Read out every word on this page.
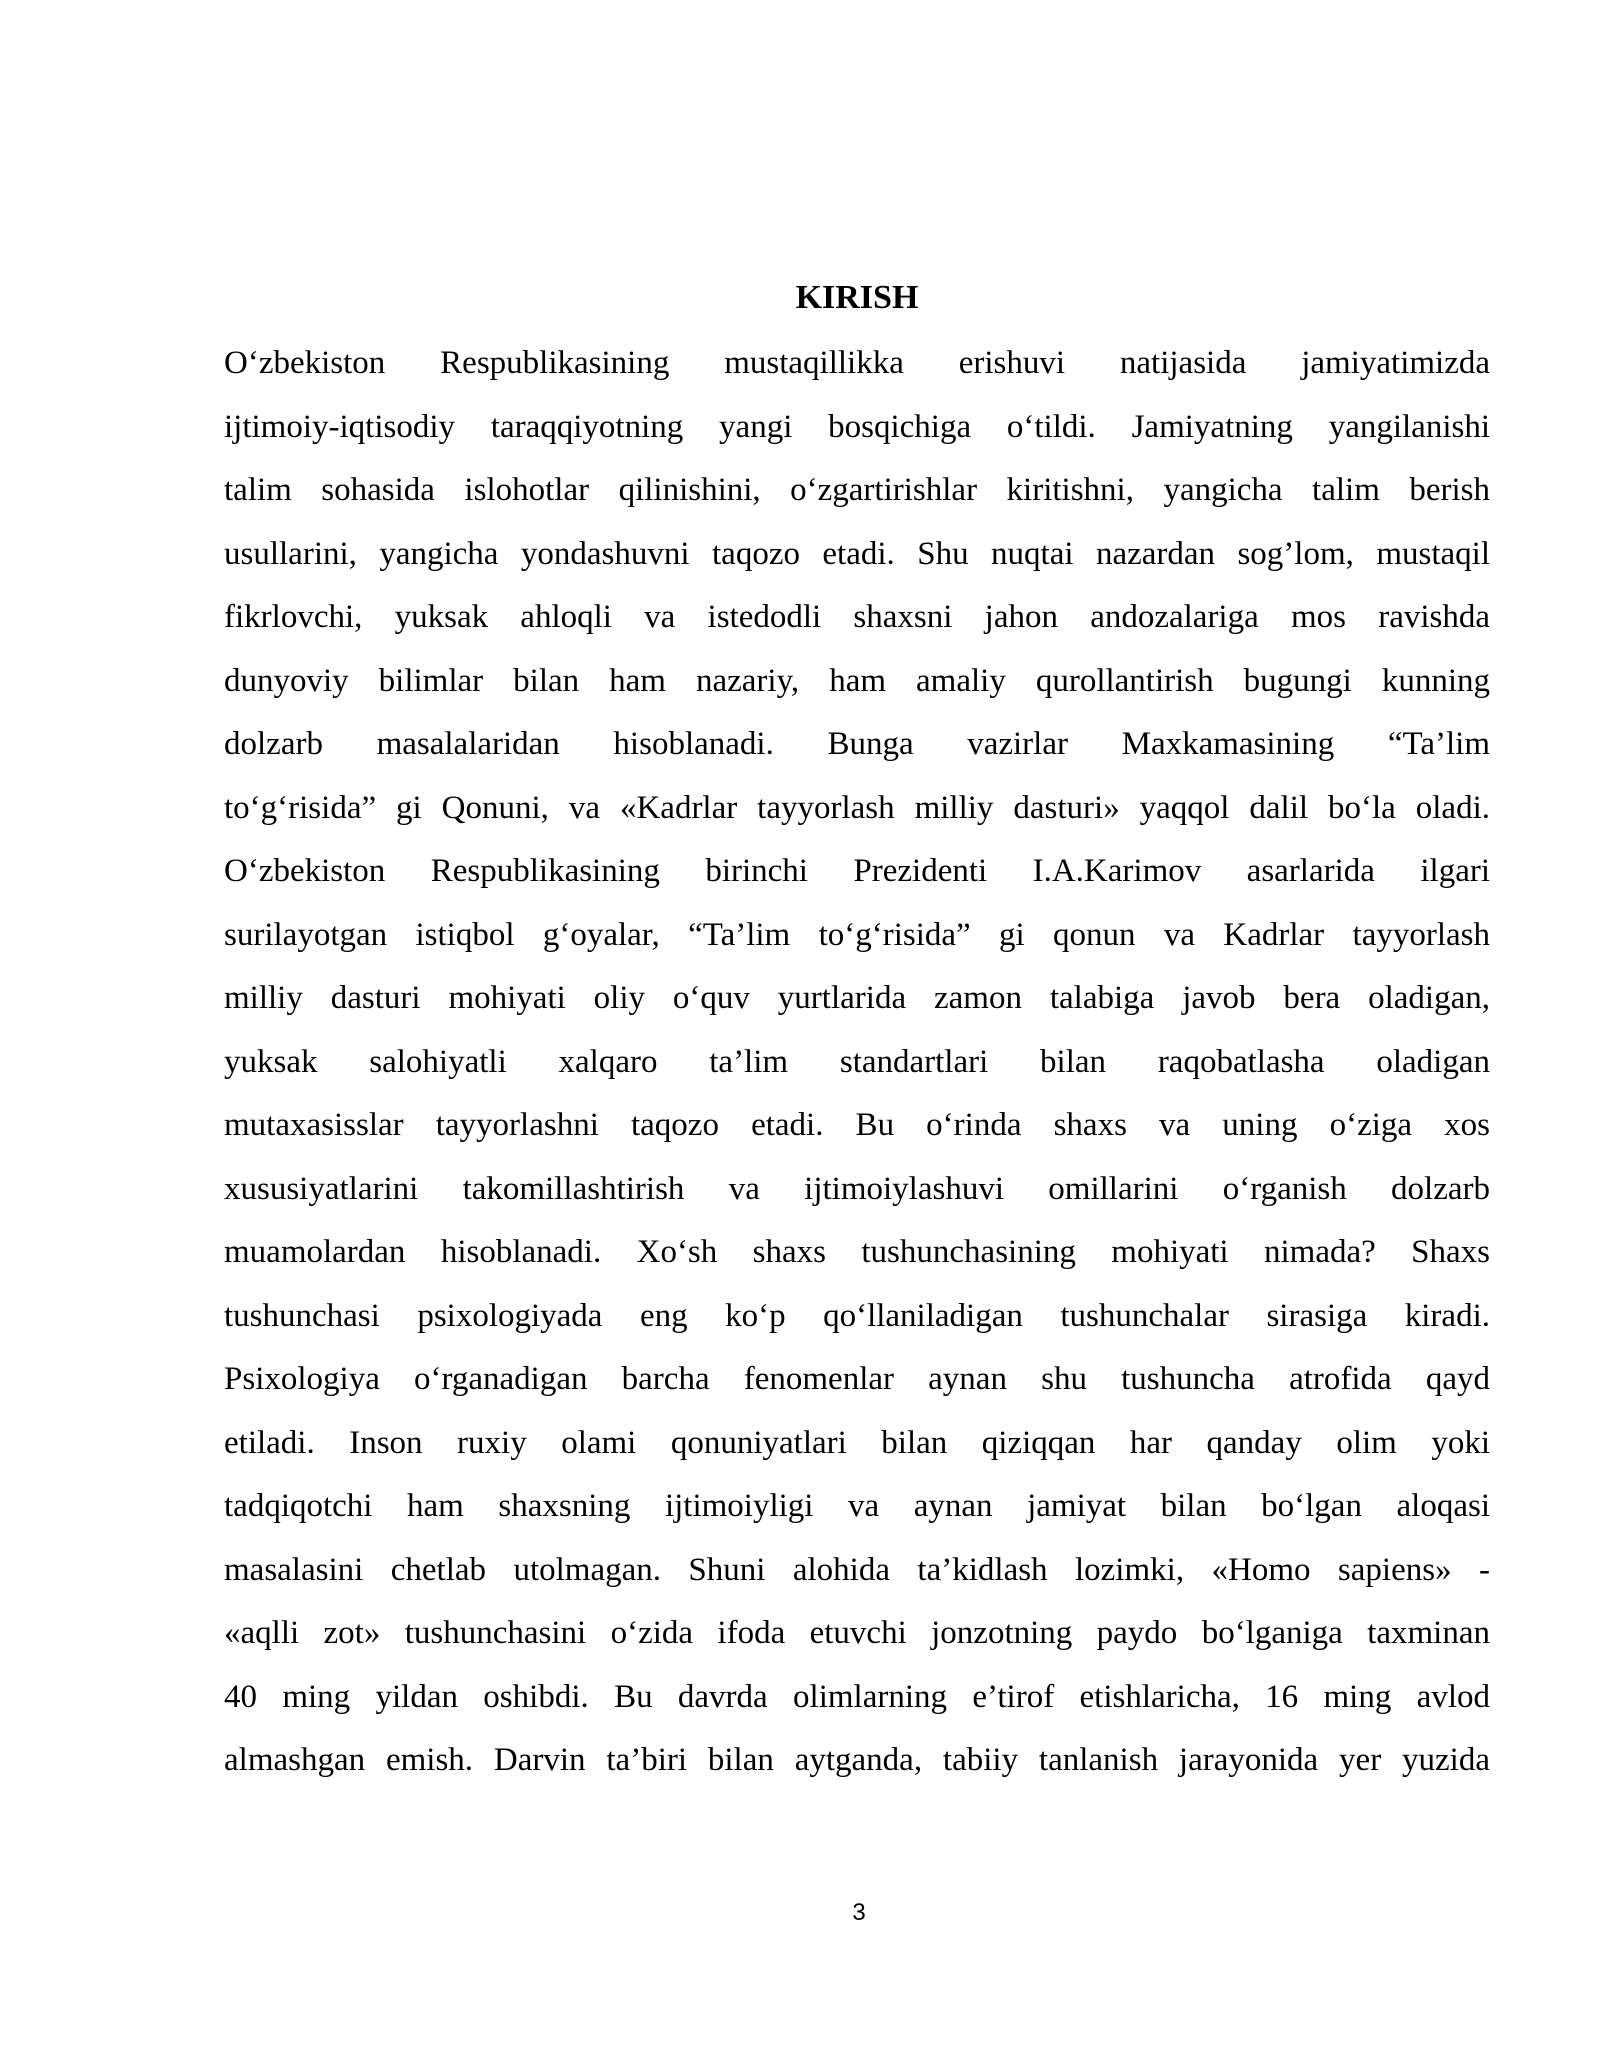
KIRISH
O‘zbekiston Respublikasining mustaqillikka erishuvi natijasida jamiyatimizda
ijtimoiy-iqtisodiy taraqqiyotning yangi bosqichiga o‘tildi. Jamiyatning yangilanishi
talim sohasida islohotlar qilinishini, o‘zgartirishlar kiritishni, yangicha talim berish
usullarini, yangicha yondashuvni taqozo etadi. Shu nuqtai nazardan sog’lom, mustaqil
fikrlovchi, yuksak ahloqli va istedodli shaxsni jahon andozalariga mos ravishda
dunyoviy bilimlar bilan ham nazariy, ham amaliy qurollantirish bugungi kunning
dolzarb masalalaridan hisoblanadi. Bunga vazirlar Maxkamasining “Ta’lim
to‘g‘risida” gi Qonuni, va «Kadrlar tayyorlash milliy dasturi» yaqqol dalil bo‘la oladi.
O‘zbekiston Respublikasining birinchi Prezidenti I.A.Karimov asarlarida ilgari
surilayotgan istiqbol g‘oyalar, “Ta’lim to‘g‘risida” gi qonun va Kadrlar tayyorlash
milliy dasturi mohiyati oliy o‘quv yurtlarida zamon talabiga javob bera oladigan,
yuksak salohiyatli xalqaro ta’lim standartlari bilan raqobatlasha oladigan
mutaxasisslar tayyorlashni taqozo etadi. Bu o‘rinda shaxs va uning o‘ziga xos
xususiyatlarini takomillashtirish va ijtimoiylashuvi omillarini o‘rganish dolzarb
muamolardan hisoblanadi. Xo‘sh shaxs tushunchasining mohiyati nimada? Shaxs
tushunchasi psixologiyada eng ko‘p qo‘llaniladigan tushunchalar sirasiga kiradi.
Psixologiya o‘rganadigan barcha fenomenlar aynan shu tushuncha atrofida qayd
etiladi. Inson ruxiy olami qonuniyatlari bilan qiziqqan har qanday olim yoki
tadqiqotchi ham shaxsning ijtimoiyligi va aynan jamiyat bilan bo‘lgan aloqasi
masalasini chetlab utolmagan. Shuni alohida ta’kidlash lozimki, «Homo sapiens» -
«aqlli zot» tushunchasini o‘zida ifoda etuvchi jonzotning paydo bo‘lganiga taxminan
40 ming yildan oshibdi. Bu davrda olimlarning e’tirof etishlaricha, 16 ming avlod
almashgan emish. Darvin ta’biri bilan aytganda, tabiiy tanlanish jarayonida yer yuzida
3
